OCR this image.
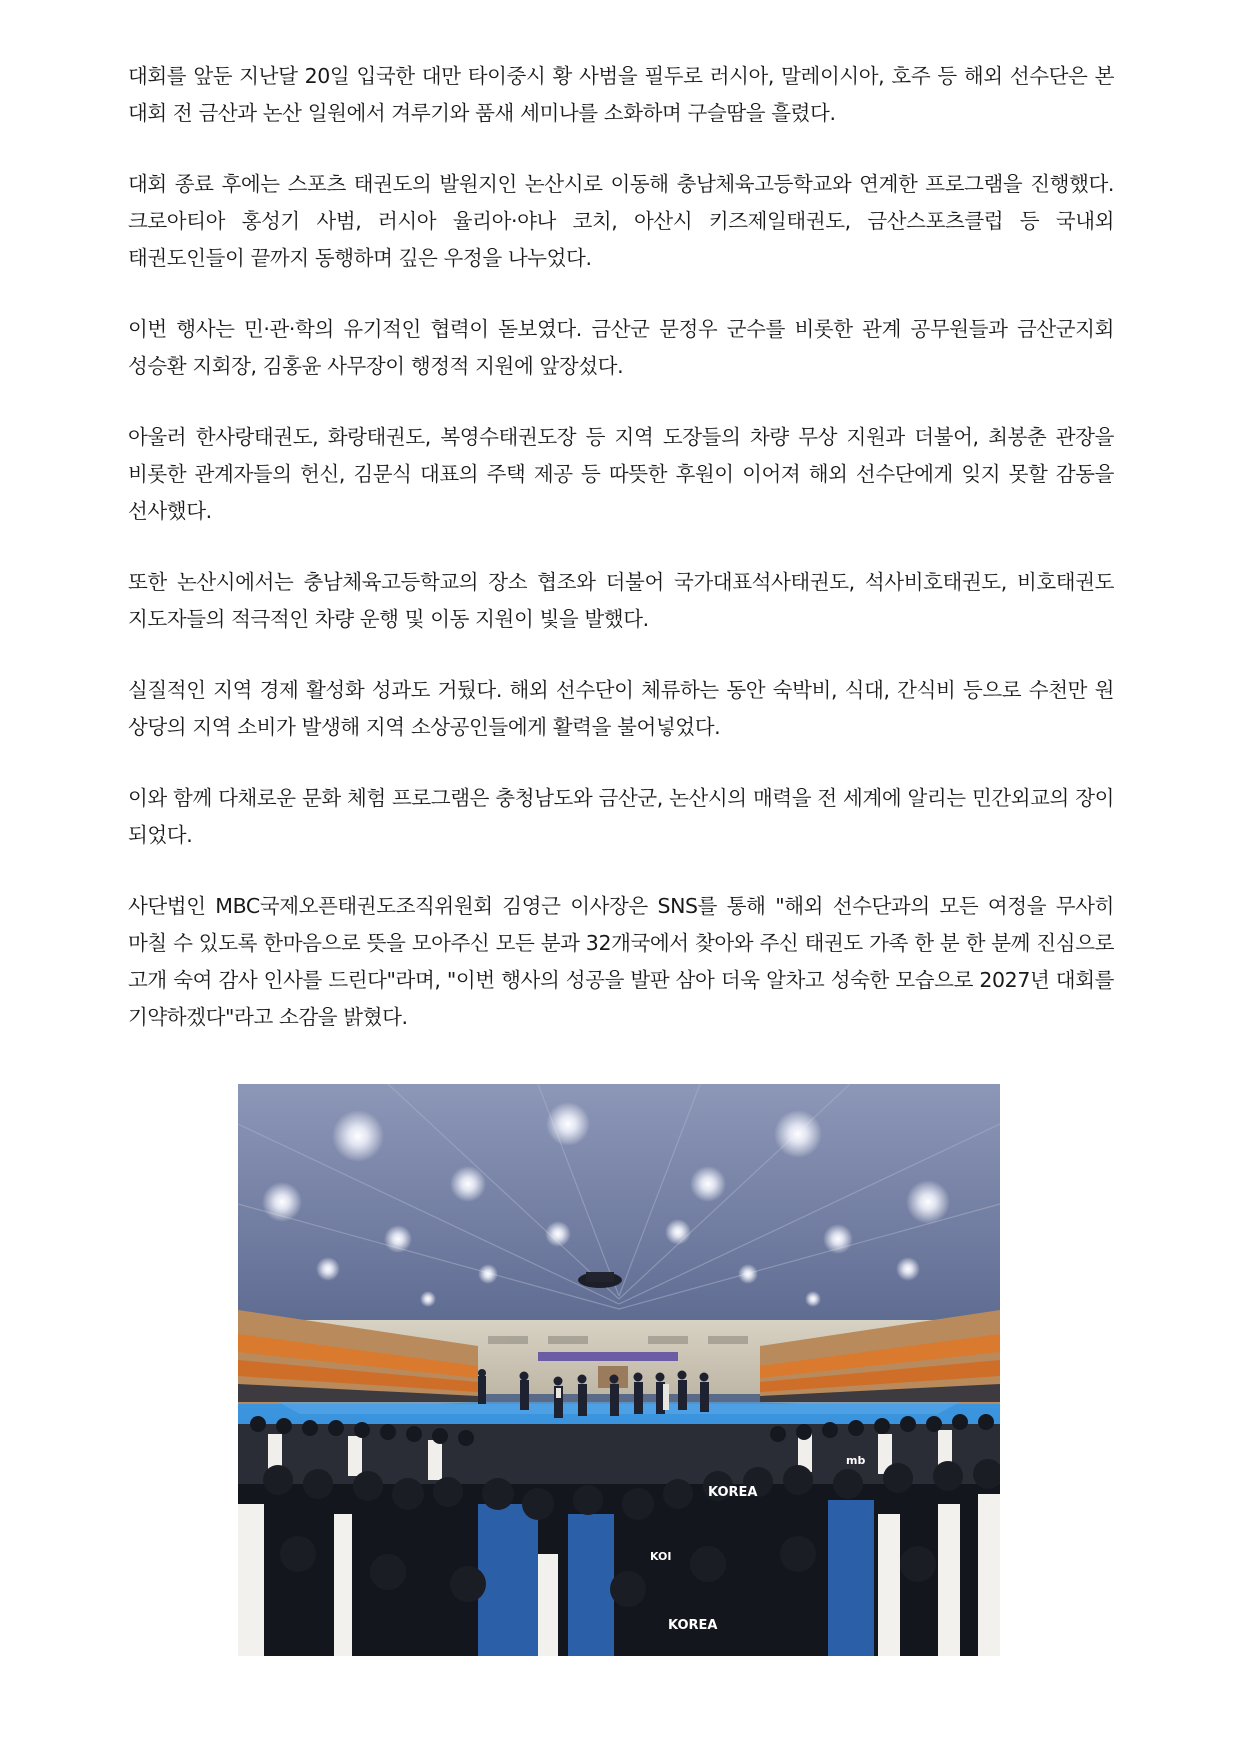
대회를 앞둔 지난달 20일 입국한 대만 타이중시 황 사범을 필두로 러시아, 말레이시아, 호주 등 해외 선수단은 본 대회 전 금산과 논산 일원에서 겨루기와 품새 세미나를 소화하며 구슬땀을 흘렸다.

대회 종료 후에는 스포츠 태권도의 발원지인 논산시로 이동해 충남체육고등학교와 연계한 프로그램을 진행했다. 크로아티아 홍성기 사범, 러시아 율리아·야나 코치, 아산시 키즈제일태권도, 금산스포츠클럽 등 국내외 태권도인들이 끝까지 동행하며 깊은 우정을 나누었다.

이번 행사는 민·관·학의 유기적인 협력이 돋보였다. 금산군 문정우 군수를 비롯한 관계 공무원들과 금산군지회 성승환 지회장, 김홍윤 사무장이 행정적 지원에 앞장섰다.

아울러 한사랑태권도, 화랑태권도, 복영수태권도장 등 지역 도장들의 차량 무상 지원과 더불어, 최봉춘 관장을 비롯한 관계자들의 헌신, 김문식 대표의 주택 제공 등 따뜻한 후원이 이어져 해외 선수단에게 잊지 못할 감동을 선사했다.

또한 논산시에서는 충남체육고등학교의 장소 협조와 더불어 국가대표석사태권도, 석사비호태권도, 비호태권도 지도자들의 적극적인 차량 운행 및 이동 지원이 빛을 발했다.

실질적인 지역 경제 활성화 성과도 거뒀다. 해외 선수단이 체류하는 동안 숙박비, 식대, 간식비 등으로 수천만 원 상당의 지역 소비가 발생해 지역 소상공인들에게 활력을 불어넣었다.

이와 함께 다채로운 문화 체험 프로그램은 충청남도와 금산군, 논산시의 매력을 전 세계에 알리는 민간외교의 장이 되었다.

사단법인 MBC국제오픈태권도조직위원회 김영근 이사장은 SNS를 통해 "해외 선수단과의 모든 여정을 무사히 마칠 수 있도록 한마음으로 뜻을 모아주신 모든 분과 32개국에서 찾아와 주신 태권도 가족 한 분 한 분께 진심으로 고개 숙여 감사 인사를 드린다"라며, "이번 행사의 성공을 발판 삼아 더욱 알차고 성숙한 모습으로 2027년 대회를 기약하겠다"라고 소감을 밝혔다.

KOREA
KOREA
KOI
mb
